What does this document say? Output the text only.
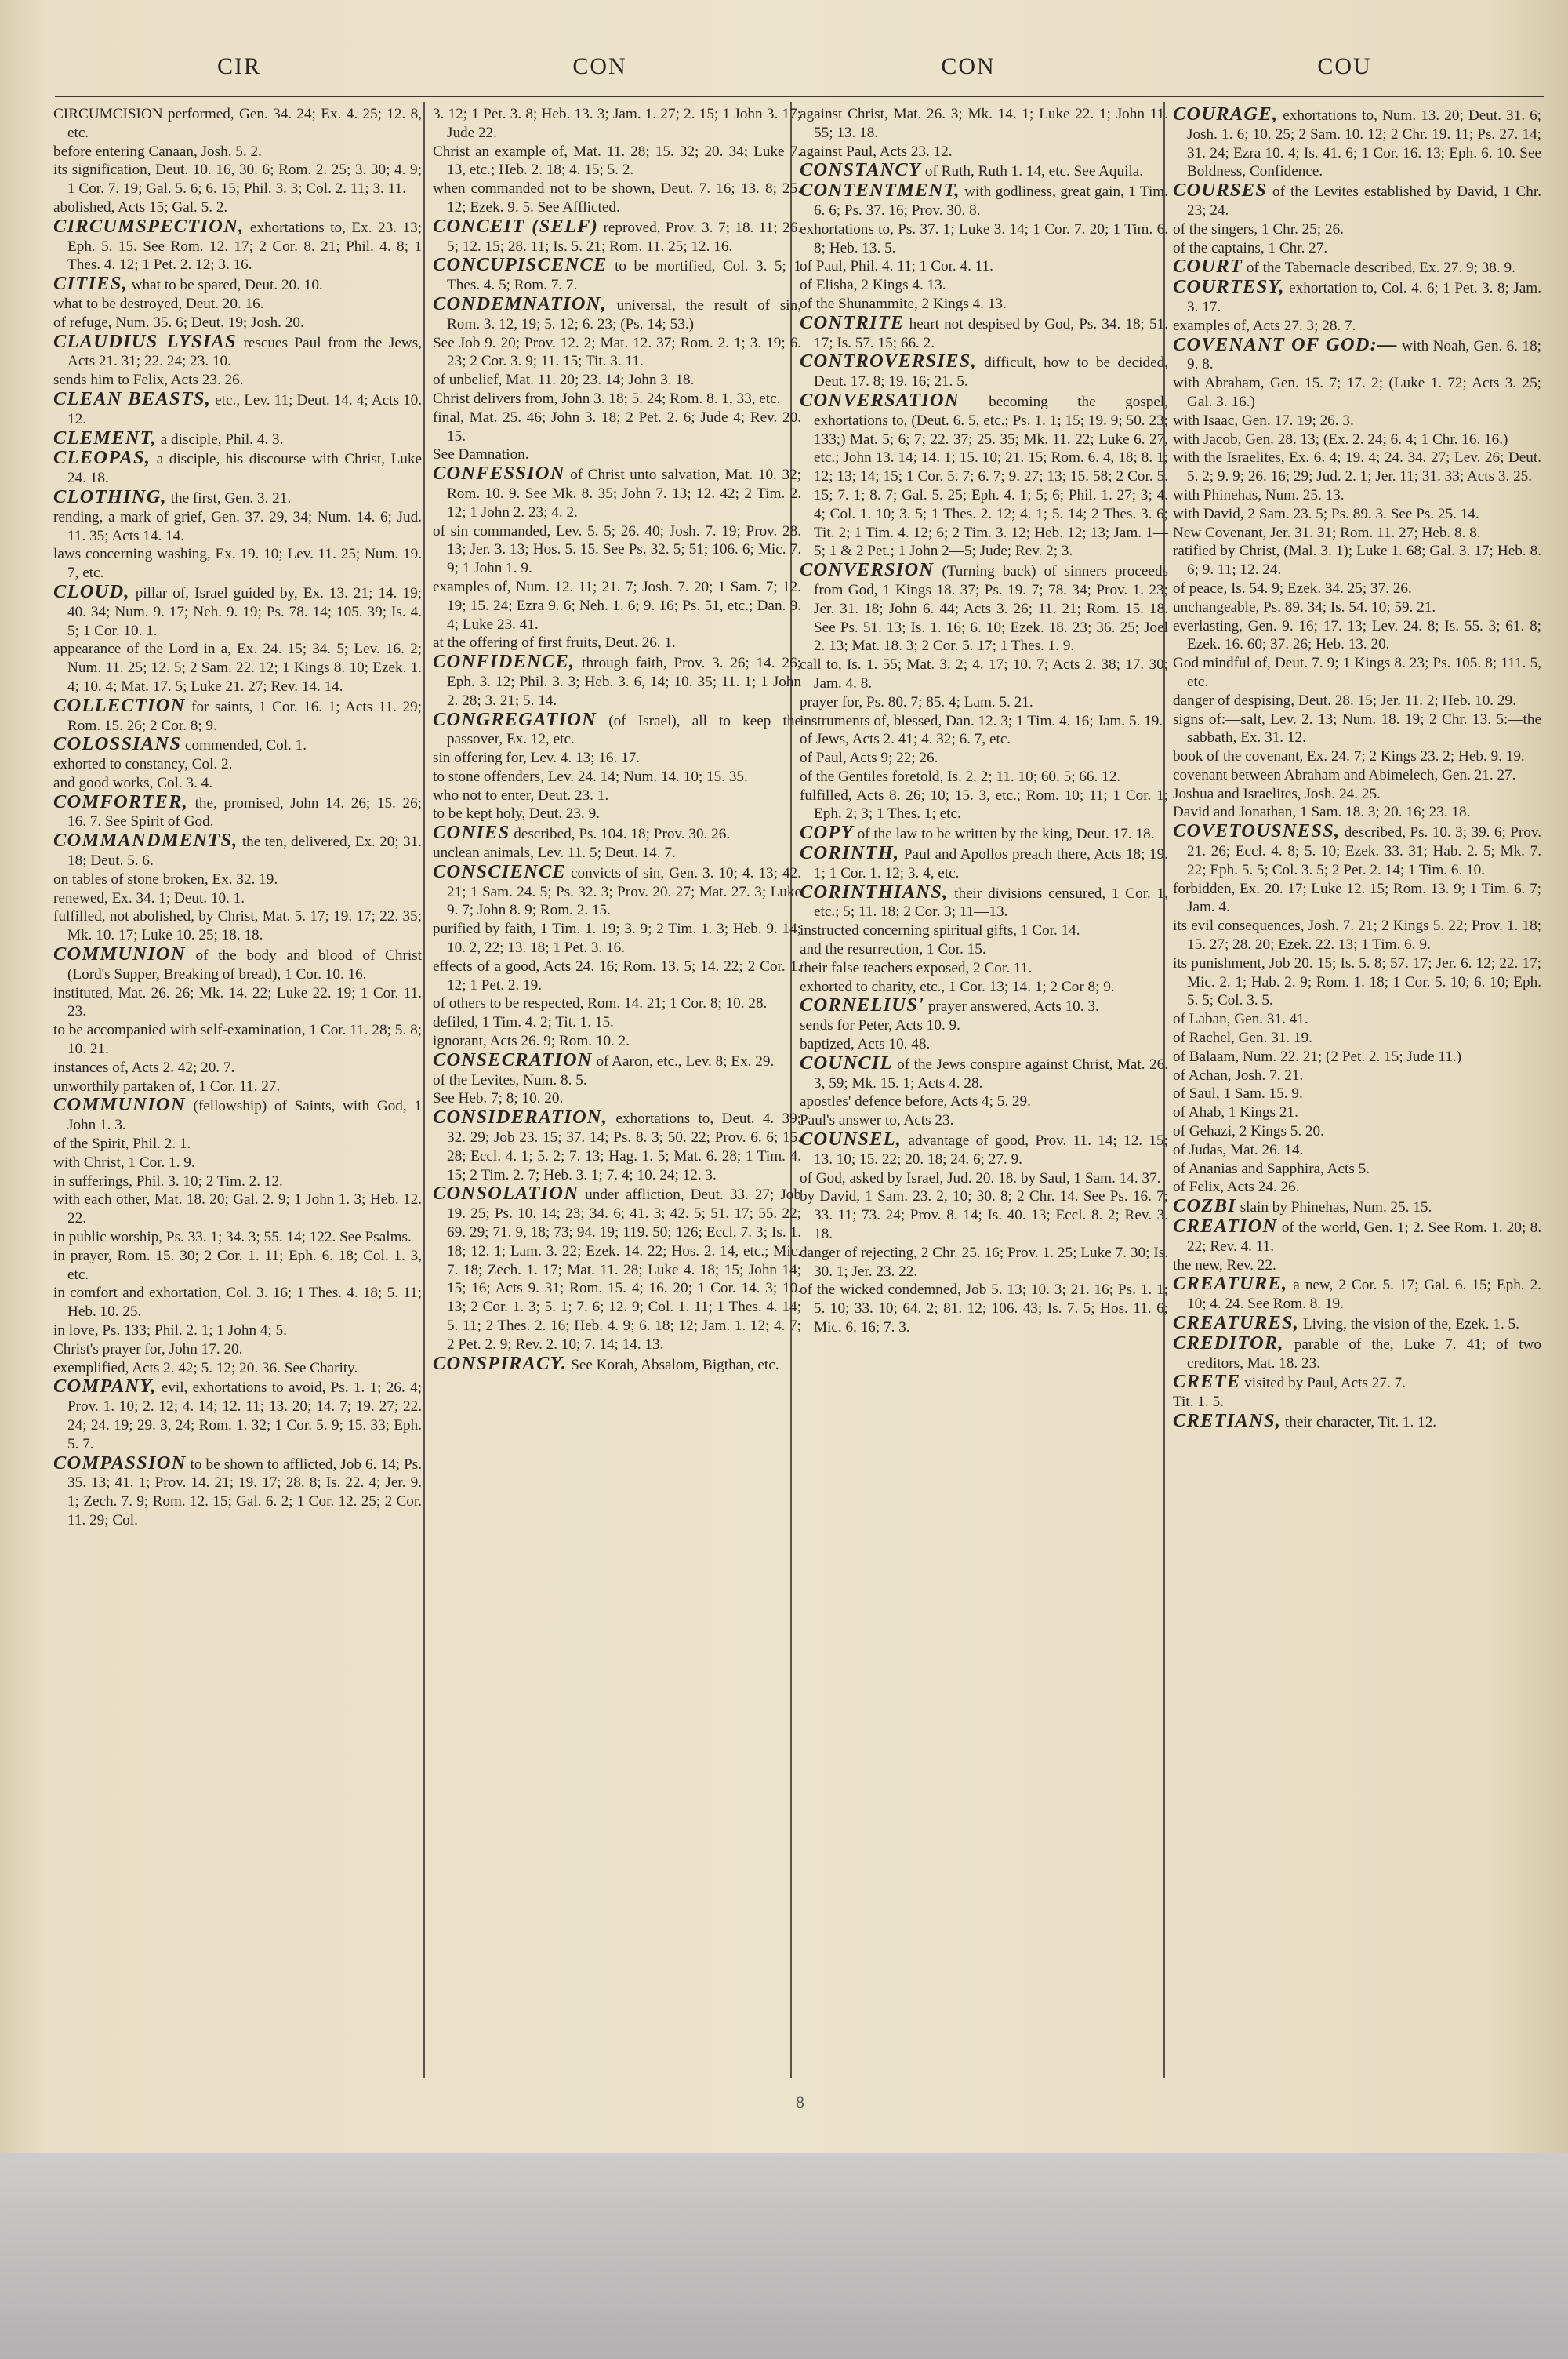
CIR	CON	CON	COU

CIRCUMCISION performed, Gen. 34. 24; Ex. 4. 25; 12. 8, etc.

before entering Canaan, Josh. 5. 2.

its signification, Deut. 10. 16, 30. 6; Rom. 2. 25; 3. 30; 4. 9; 1 Cor. 7. 19; Gal. 5. 6; 6. 15; Phil. 3. 3; Col. 2. 11; 3. 11.

abolished, Acts 15; Gal. 5. 2.

CIRCUMSPECTION, exhortations to, Ex. 23. 13; Eph. 5. 15. See Rom. 12. 17; 2 Cor. 8. 21; Phil. 4. 8; 1 Thes. 4. 12; 1 Pet. 2. 12; 3. 16.

CITIES, what to be spared, Deut. 20. 10.

what to be destroyed, Deut. 20. 16.

of refuge, Num. 35. 6; Deut. 19; Josh. 20.

CLAUDIUS LYSIAS rescues Paul from the Jews, Acts 21. 31; 22. 24; 23. 10.

sends him to Felix, Acts 23. 26.

CLEAN BEASTS, etc., Lev. 11; Deut. 14. 4; Acts 10. 12.

CLEMENT, a disciple, Phil. 4. 3.

CLEOPAS, a disciple, his discourse with Christ, Luke 24. 18.

CLOTHING, the first, Gen. 3. 21.

rending, a mark of grief, Gen. 37. 29, 34; Num. 14. 6; Jud. 11. 35; Acts 14. 14.

laws concerning washing, Ex. 19. 10; Lev. 11. 25; Num. 19. 7, etc.

CLOUD, pillar of, Israel guided by, Ex. 13. 21; 14. 19; 40. 34; Num. 9. 17; Neh. 9. 19; Ps. 78. 14; 105. 39; Is. 4. 5; 1 Cor. 10. 1.

appearance of the Lord in a, Ex. 24. 15; 34. 5; Lev. 16. 2; Num. 11. 25; 12. 5; 2 Sam. 22. 12; 1 Kings 8. 10; Ezek. 1. 4; 10. 4; Mat. 17. 5; Luke 21. 27; Rev. 14. 14.

COLLECTION for saints, 1 Cor. 16. 1; Acts 11. 29; Rom. 15. 26; 2 Cor. 8; 9.

COLOSSIANS commended, Col. 1.

exhorted to constancy, Col. 2.

and good works, Col. 3. 4.

COMFORTER, the, promised, John 14. 26; 15. 26; 16. 7. See Spirit of God.

COMMANDMENTS, the ten, delivered, Ex. 20; 31. 18; Deut. 5. 6.

on tables of stone broken, Ex. 32. 19.

renewed, Ex. 34. 1; Deut. 10. 1.

fulfilled, not abolished, by Christ, Mat. 5. 17; 19. 17; 22. 35; Mk. 10. 17; Luke 10. 25; 18. 18.

COMMUNION of the body and blood of Christ (Lord's Supper, Breaking of bread), 1 Cor. 10. 16.

instituted, Mat. 26. 26; Mk. 14. 22; Luke 22. 19; 1 Cor. 11. 23.

to be accompanied with self-examination, 1 Cor. 11. 28; 5. 8; 10. 21.

instances of, Acts 2. 42; 20. 7.

unworthily partaken of, 1 Cor. 11. 27.

COMMUNION (fellowship) of Saints, with God, 1 John 1. 3.

of the Spirit, Phil. 2. 1.

with Christ, 1 Cor. 1. 9.

in sufferings, Phil. 3. 10; 2 Tim. 2. 12.

with each other, Mat. 18. 20; Gal. 2. 9; 1 John 1. 3; Heb. 12. 22.

in public worship, Ps. 33. 1; 34. 3; 55. 14; 122. See Psalms.

in prayer, Rom. 15. 30; 2 Cor. 1. 11; Eph. 6. 18; Col. 1. 3, etc.

in comfort and exhortation, Col. 3. 16; 1 Thes. 4. 18; 5. 11; Heb. 10. 25.

in love, Ps. 133; Phil. 2. 1; 1 John 4; 5.

Christ's prayer for, John 17. 20.

exemplified, Acts 2. 42; 5. 12; 20. 36. See Charity.

COMPANY, evil, exhortations to avoid, Ps. 1. 1; 26. 4; Prov. 1. 10; 2. 12; 4. 14; 12. 11; 13. 20; 14. 7; 19. 27; 22. 24; 24. 19; 29. 3, 24; Rom. 1. 32; 1 Cor. 5. 9; 15. 33; Eph. 5. 7.

COMPASSION to be shown to afflicted, Job 6. 14; Ps. 35. 13; 41. 1; Prov. 14. 21; 19. 17; 28. 8; Is. 22. 4; Jer. 9. 1; Zech. 7. 9; Rom. 12. 15; Gal. 6. 2; 1 Cor. 12. 25; 2 Cor. 11. 29; Col.

3. 12; 1 Pet. 3. 8; Heb. 13. 3; Jam. 1. 27; 2. 15; 1 John 3. 17; Jude 22.

Christ an example of, Mat. 11. 28; 15. 32; 20. 34; Luke 7. 13, etc.; Heb. 2. 18; 4. 15; 5. 2.

when commanded not to be shown, Deut. 7. 16; 13. 8; 25. 12; Ezek. 9. 5. See Afflicted.

CONCEIT (SELF) reproved, Prov. 3. 7; 18. 11; 26. 5; 12. 15; 28. 11; Is. 5. 21; Rom. 11. 25; 12. 16.

CONCUPISCENCE to be mortified, Col. 3. 5; 1 Thes. 4. 5; Rom. 7. 7.

CONDEMNATION, universal, the result of sin, Rom. 3. 12, 19; 5. 12; 6. 23; (Ps. 14; 53.)

See Job 9. 20; Prov. 12. 2; Mat. 12. 37; Rom. 2. 1; 3. 19; 6. 23; 2 Cor. 3. 9; 11. 15; Tit. 3. 11.

of unbelief, Mat. 11. 20; 23. 14; John 3. 18.

Christ delivers from, John 3. 18; 5. 24; Rom. 8. 1, 33, etc.

final, Mat. 25. 46; John 3. 18; 2 Pet. 2. 6; Jude 4; Rev. 20. 15.

See Damnation.

CONFESSION of Christ unto salvation, Mat. 10. 32; Rom. 10. 9. See Mk. 8. 35; John 7. 13; 12. 42; 2 Tim. 2. 12; 1 John 2. 23; 4. 2.

of sin commanded, Lev. 5. 5; 26. 40; Josh. 7. 19; Prov. 28. 13; Jer. 3. 13; Hos. 5. 15. See Ps. 32. 5; 51; 106. 6; Mic. 7. 9; 1 John 1. 9.

examples of, Num. 12. 11; 21. 7; Josh. 7. 20; 1 Sam. 7; 12. 19; 15. 24; Ezra 9. 6; Neh. 1. 6; 9. 16; Ps. 51, etc.; Dan. 9. 4; Luke 23. 41.

at the offering of first fruits, Deut. 26. 1.

CONFIDENCE, through faith, Prov. 3. 26; 14. 26; Eph. 3. 12; Phil. 3. 3; Heb. 3. 6, 14; 10. 35; 11. 1; 1 John 2. 28; 3. 21; 5. 14.

CONGREGATION (of Israel), all to keep the passover, Ex. 12, etc.

sin offering for, Lev. 4. 13; 16. 17.

to stone offenders, Lev. 24. 14; Num. 14. 10; 15. 35.

who not to enter, Deut. 23. 1.

to be kept holy, Deut. 23. 9.

CONIES described, Ps. 104. 18; Prov. 30. 26.

unclean animals, Lev. 11. 5; Deut. 14. 7.

CONSCIENCE convicts of sin, Gen. 3. 10; 4. 13; 42. 21; 1 Sam. 24. 5; Ps. 32. 3; Prov. 20. 27; Mat. 27. 3; Luke 9. 7; John 8. 9; Rom. 2. 15.

purified by faith, 1 Tim. 1. 19; 3. 9; 2 Tim. 1. 3; Heb. 9. 14; 10. 2, 22; 13. 18; 1 Pet. 3. 16.

effects of a good, Acts 24. 16; Rom. 13. 5; 14. 22; 2 Cor. 1. 12; 1 Pet. 2. 19.

of others to be respected, Rom. 14. 21; 1 Cor. 8; 10. 28.

defiled, 1 Tim. 4. 2; Tit. 1. 15.

ignorant, Acts 26. 9; Rom. 10. 2.

CONSECRATION of Aaron, etc., Lev. 8; Ex. 29.

of the Levites, Num. 8. 5.

See Heb. 7; 8; 10. 20.

CONSIDERATION, exhortations to, Deut. 4. 39; 32. 29; Job 23. 15; 37. 14; Ps. 8. 3; 50. 22; Prov. 6. 6; 15. 28; Eccl. 4. 1; 5. 2; 7. 13; Hag. 1. 5; Mat. 6. 28; 1 Tim. 4. 15; 2 Tim. 2. 7; Heb. 3. 1; 7. 4; 10. 24; 12. 3.

CONSOLATION under affliction, Deut. 33. 27; Job 19. 25; Ps. 10. 14; 23; 34. 6; 41. 3; 42. 5; 51. 17; 55. 22; 69. 29; 71. 9, 18; 73; 94. 19; 119. 50; 126; Eccl. 7. 3; Is. 1. 18; 12. 1; Lam. 3. 22; Ezek. 14. 22; Hos. 2. 14, etc.; Mic. 7. 18; Zech. 1. 17; Mat. 11. 28; Luke 4. 18; 15; John 14; 15; 16; Acts 9. 31; Rom. 15. 4; 16. 20; 1 Cor. 14. 3; 10. 13; 2 Cor. 1. 3; 5. 1; 7. 6; 12. 9; Col. 1. 11; 1 Thes. 4. 14; 5. 11; 2 Thes. 2. 16; Heb. 4. 9; 6. 18; 12; Jam. 1. 12; 4. 7; 2 Pet. 2. 9; Rev. 2. 10; 7. 14; 14. 13.

CONSPIRACY. See Korah, Absalom, Bigthan, etc.

against Christ, Mat. 26. 3; Mk. 14. 1; Luke 22. 1; John 11. 55; 13. 18.

against Paul, Acts 23. 12.

CONSTANCY of Ruth, Ruth 1. 14, etc. See Aquila.

CONTENTMENT, with godliness, great gain, 1 Tim. 6. 6; Ps. 37. 16; Prov. 30. 8.

exhortations to, Ps. 37. 1; Luke 3. 14; 1 Cor. 7. 20; 1 Tim. 6. 8; Heb. 13. 5.

of Paul, Phil. 4. 11; 1 Cor. 4. 11.

of Elisha, 2 Kings 4. 13.

of the Shunammite, 2 Kings 4. 13.

CONTRITE heart not despised by God, Ps. 34. 18; 51. 17; Is. 57. 15; 66. 2.

CONTROVERSIES, difficult, how to be decided, Deut. 17. 8; 19. 16; 21. 5.

CONVERSATION becoming the gospel, exhortations to, (Deut. 6. 5, etc.; Ps. 1. 1; 15; 19. 9; 50. 23; 133;) Mat. 5; 6; 7; 22. 37; 25. 35; Mk. 11. 22; Luke 6. 27, etc.; John 13. 14; 14. 1; 15. 10; 21. 15; Rom. 6. 4, 18; 8. 1; 12; 13; 14; 15; 1 Cor. 5. 7; 6. 7; 9. 27; 13; 15. 58; 2 Cor. 5. 15; 7. 1; 8. 7; Gal. 5. 25; Eph. 4. 1; 5; 6; Phil. 1. 27; 3; 4. 4; Col. 1. 10; 3. 5; 1 Thes. 2. 12; 4. 1; 5. 14; 2 Thes. 3. 6; Tit. 2; 1 Tim. 4. 12; 6; 2 Tim. 3. 12; Heb. 12; 13; Jam. 1—5; 1 & 2 Pet.; 1 John 2—5; Jude; Rev. 2; 3.

CONVERSION (Turning back) of sinners proceeds from God, 1 Kings 18. 37; Ps. 19. 7; 78. 34; Prov. 1. 23; Jer. 31. 18; John 6. 44; Acts 3. 26; 11. 21; Rom. 15. 18. See Ps. 51. 13; Is. 1. 16; 6. 10; Ezek. 18. 23; 36. 25; Joel 2. 13; Mat. 18. 3; 2 Cor. 5. 17; 1 Thes. 1. 9.

call to, Is. 1. 55; Mat. 3. 2; 4. 17; 10. 7; Acts 2. 38; 17. 30; Jam. 4. 8.

prayer for, Ps. 80. 7; 85. 4; Lam. 5. 21.

instruments of, blessed, Dan. 12. 3; 1 Tim. 4. 16; Jam. 5. 19.

of Jews, Acts 2. 41; 4. 32; 6. 7, etc.

of Paul, Acts 9; 22; 26.

of the Gentiles foretold, Is. 2. 2; 11. 10; 60. 5; 66. 12.

fulfilled, Acts 8. 26; 10; 15. 3, etc.; Rom. 10; 11; 1 Cor. 1; Eph. 2; 3; 1 Thes. 1; etc.

COPY of the law to be written by the king, Deut. 17. 18.

CORINTH, Paul and Apollos preach there, Acts 18; 19. 1; 1 Cor. 1. 12; 3. 4, etc.

CORINTHIANS, their divisions censured, 1 Cor. 1, etc.; 5; 11. 18; 2 Cor. 3; 11—13.

instructed concerning spiritual gifts, 1 Cor. 14.

and the resurrection, 1 Cor. 15.

their false teachers exposed, 2 Cor. 11.

exhorted to charity, etc., 1 Cor. 13; 14. 1; 2 Cor 8; 9.

CORNELIUS' prayer answered, Acts 10. 3.

sends for Peter, Acts 10. 9.

baptized, Acts 10. 48.

COUNCIL of the Jews conspire against Christ, Mat. 26. 3, 59; Mk. 15. 1; Acts 4. 28.

apostles' defence before, Acts 4; 5. 29.

Paul's answer to, Acts 23.

COUNSEL, advantage of good, Prov. 11. 14; 12. 15; 13. 10; 15. 22; 20. 18; 24. 6; 27. 9.

of God, asked by Israel, Jud. 20. 18. by Saul, 1 Sam. 14. 37.

by David, 1 Sam. 23. 2, 10; 30. 8; 2 Chr. 14. See Ps. 16. 7; 33. 11; 73. 24; Prov. 8. 14; Is. 40. 13; Eccl. 8. 2; Rev. 3. 18.

danger of rejecting, 2 Chr. 25. 16; Prov. 1. 25; Luke 7. 30; Is. 30. 1; Jer. 23. 22.

of the wicked condemned, Job 5. 13; 10. 3; 21. 16; Ps. 1. 1; 5. 10; 33. 10; 64. 2; 81. 12; 106. 43; Is. 7. 5; Hos. 11. 6; Mic. 6. 16; 7. 3.

COURAGE, exhortations to, Num. 13. 20; Deut. 31. 6; Josh. 1. 6; 10. 25; 2 Sam. 10. 12; 2 Chr. 19. 11; Ps. 27. 14; 31. 24; Ezra 10. 4; Is. 41. 6; 1 Cor. 16. 13; Eph. 6. 10. See Boldness, Confidence.

COURSES of the Levites established by David, 1 Chr. 23; 24.

of the singers, 1 Chr. 25; 26.

of the captains, 1 Chr. 27.

COURT of the Tabernacle described, Ex. 27. 9; 38. 9.

COURTESY, exhortation to, Col. 4. 6; 1 Pet. 3. 8; Jam. 3. 17.

examples of, Acts 27. 3; 28. 7.

COVENANT OF GOD:— with Noah, Gen. 6. 18; 9. 8.

with Abraham, Gen. 15. 7; 17. 2; (Luke 1. 72; Acts 3. 25; Gal. 3. 16.)

with Isaac, Gen. 17. 19; 26. 3.

with Jacob, Gen. 28. 13; (Ex. 2. 24; 6. 4; 1 Chr. 16. 16.)

with the Israelites, Ex. 6. 4; 19. 4; 24. 34. 27; Lev. 26; Deut. 5. 2; 9. 9; 26. 16; 29; Jud. 2. 1; Jer. 11; 31. 33; Acts 3. 25.

with Phinehas, Num. 25. 13.

with David, 2 Sam. 23. 5; Ps. 89. 3. See Ps. 25. 14.

New Covenant, Jer. 31. 31; Rom. 11. 27; Heb. 8. 8.

ratified by Christ, (Mal. 3. 1); Luke 1. 68; Gal. 3. 17; Heb. 8. 6; 9. 11; 12. 24.

of peace, Is. 54. 9; Ezek. 34. 25; 37. 26.

unchangeable, Ps. 89. 34; Is. 54. 10; 59. 21.

everlasting, Gen. 9. 16; 17. 13; Lev. 24. 8; Is. 55. 3; 61. 8; Ezek. 16. 60; 37. 26; Heb. 13. 20.

God mindful of, Deut. 7. 9; 1 Kings 8. 23; Ps. 105. 8; 111. 5, etc.

danger of despising, Deut. 28. 15; Jer. 11. 2; Heb. 10. 29.

signs of:—salt, Lev. 2. 13; Num. 18. 19; 2 Chr. 13. 5:—the sabbath, Ex. 31. 12.

book of the covenant, Ex. 24. 7; 2 Kings 23. 2; Heb. 9. 19.

covenant between Abraham and Abimelech, Gen. 21. 27.

Joshua and Israelites, Josh. 24. 25.

David and Jonathan, 1 Sam. 18. 3; 20. 16; 23. 18.

COVETOUSNESS, described, Ps. 10. 3; 39. 6; Prov. 21. 26; Eccl. 4. 8; 5. 10; Ezek. 33. 31; Hab. 2. 5; Mk. 7. 22; Eph. 5. 5; Col. 3. 5; 2 Pet. 2. 14; 1 Tim. 6. 10.

forbidden, Ex. 20. 17; Luke 12. 15; Rom. 13. 9; 1 Tim. 6. 7; Jam. 4.

its evil consequences, Josh. 7. 21; 2 Kings 5. 22; Prov. 1. 18; 15. 27; 28. 20; Ezek. 22. 13; 1 Tim. 6. 9.

its punishment, Job 20. 15; Is. 5. 8; 57. 17; Jer. 6. 12; 22. 17; Mic. 2. 1; Hab. 2. 9; Rom. 1. 18; 1 Cor. 5. 10; 6. 10; Eph. 5. 5; Col. 3. 5.

of Laban, Gen. 31. 41.

of Rachel, Gen. 31. 19.

of Balaam, Num. 22. 21; (2 Pet. 2. 15; Jude 11.)

of Achan, Josh. 7. 21.

of Saul, 1 Sam. 15. 9.

of Ahab, 1 Kings 21.

of Gehazi, 2 Kings 5. 20.

of Judas, Mat. 26. 14.

of Ananias and Sapphira, Acts 5.

of Felix, Acts 24. 26.

COZBI slain by Phinehas, Num. 25. 15.

CREATION of the world, Gen. 1; 2. See Rom. 1. 20; 8. 22; Rev. 4. 11.

the new, Rev. 22.

CREATURE, a new, 2 Cor. 5. 17; Gal. 6. 15; Eph. 2. 10; 4. 24. See Rom. 8. 19.

CREATURES, Living, the vision of the, Ezek. 1. 5.

CREDITOR, parable of the, Luke 7. 41; of two creditors, Mat. 18. 23.

CRETE visited by Paul, Acts 27. 7.

Tit. 1. 5.

CRETIANS, their character, Tit. 1. 12.

8
